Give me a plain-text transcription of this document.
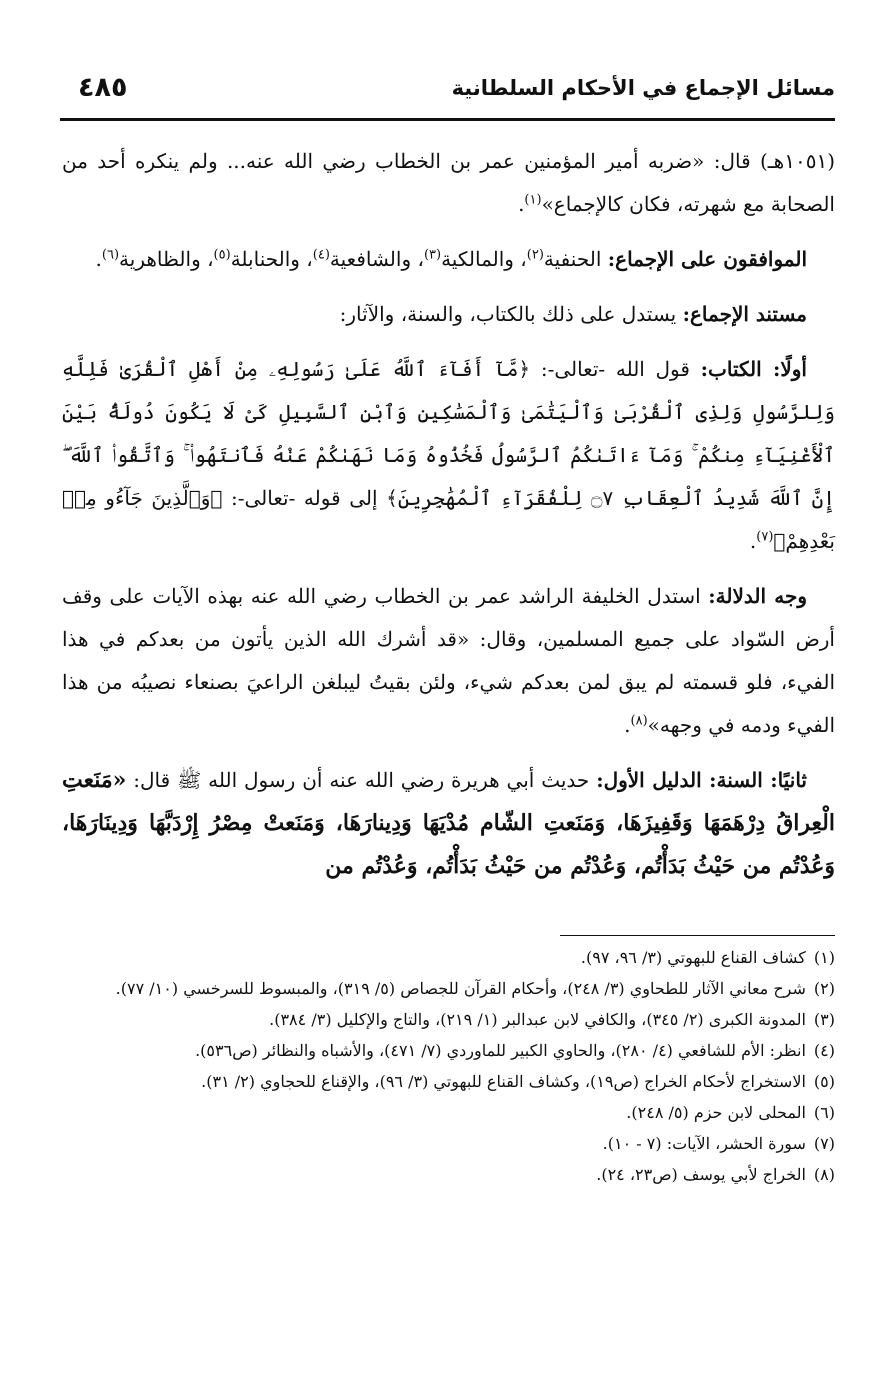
٤٨٥	مسائل الإجماع في الأحكام السلطانية

(١٠٥١هـ) قال: «ضربه أمير المؤمنين عمر بن الخطاب رضي الله عنه... ولم ينكره أحد من الصحابة مع شهرته، فكان كالإجماع»$^{(١)}$.

الموافقون على الإجماع: الحنفية$^{(٢)}$، والمالكية$^{(٣)}$، والشافعية$^{(٤)}$، والحنابلة$^{(٥)}$، والظاهرية$^{(٦)}$.

مستند الإجماع: يستدل على ذلك بالكتاب، والسنة، والآثار:

أولًا: الكتاب: قول الله -تعالى-: ﴿مَّآ أَفَآءَ ٱللَّهُ عَلَىٰ رَسُولِهِۦ مِنْ أَهْلِ ٱلْقُرَىٰ فَلِلَّهِ وَلِلرَّسُولِ وَلِذِى ٱلْقُرْبَىٰ وَٱلْيَتَٰمَىٰ وَٱلْمَسَٰكِينِ وَٱبْنِ ٱلسَّبِيلِ كَىْ لَا يَكُونَ دُولَةًۢ بَيْنَ ٱلْأَغْنِيَآءِ مِنكُمْ ۚ وَمَآ ءَاتَىٰكُمُ ٱلرَّسُولُ فَخُذُوهُ وَمَا نَهَىٰكُمْ عَنْهُ فَٱنتَهُوا۟ ۚ وَٱتَّقُوا۟ ٱللَّهَ ۖ إِنَّ ٱللَّهَ شَدِيدُ ٱلْعِقَابِ ۝٧ لِلْفُقَرَآءِ ٱلْمُهَٰجِرِينَ﴾ إلى قوله -تعالى-: ﴿وَٱلَّذِينَ جَآءُو مِنۢ بَعْدِهِمْ﴾$^{(٧)}$.

وجه الدلالة: استدل الخليفة الراشد عمر بن الخطاب رضي الله عنه بهذه الآيات على وقف أرض السّواد على جميع المسلمين، وقال: «قد أشرك الله الذين يأتون من بعدكم في هذا الفيء، فلو قسمته لم يبق لمن بعدكم شيء، ولئن بقيتُ ليبلغن الراعيَ بصنعاء نصيبُه من هذا الفيء ودمه في وجهه»$^{(٨)}$.

ثانيًا: السنة: الدليل الأول: حديث أبي هريرة رضي الله عنه أن رسول الله ﷺ قال: «مَنَعتِ الْعِراقُ دِرْهَمَهَا وَقَفِيزَهَا، وَمَنَعتِ الشّام مُدْيَهَا وَدِينارَهَا، وَمَنَعتْ مِصْرُ إِرْدَبَّهَا وَدِينَارَهَا، وَعُدْتُم من حَيْثُ بَدَأْتُم، وَعُدْتُم من حَيْثُ بَدَأْتُم، وَعُدْتُم من

(١)
كشاف القناع للبهوتي (٣/ ٩٦، ٩٧).
(٢)
شرح معاني الآثار للطحاوي (٣/ ٢٤٨)، وأحكام القرآن للجصاص (٥/ ٣١٩)، والمبسوط للسرخسي (١٠/ ٧٧).
(٣)
المدونة الكبرى (٢/ ٣٤٥)، والكافي لابن عبدالبر (١/ ٢١٩)، والتاج والإكليل (٣/ ٣٨٤).
(٤)
انظر: الأم للشافعي (٤/ ٢٨٠)، والحاوي الكبير للماوردي (٧/ ٤٧١)، والأشباه والنظائر (ص٥٣٦).
(٥)
الاستخراج لأحكام الخراج (ص١٩)، وكشاف القناع للبهوتي (٣/ ٩٦)، والإقناع للحجاوي (٢/ ٣١).
(٦)
المحلى لابن حزم (٥/ ٢٤٨).
(٧)
سورة الحشر، الآيات: (٧ - ١٠).
(٨)
الخراج لأبي يوسف (ص٢٣، ٢٤).
